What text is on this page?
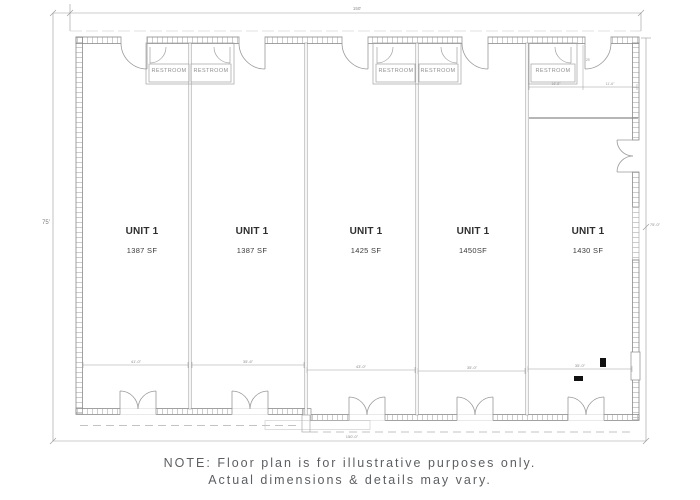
150'
75'
150'-0"
75'-0"
16'-8"	11'-6"
25'
RESTROOM RESTROOM	RESTROOM RESTROOM	RESTROOM
UNIT 1
1387 SF
UNIT 1
1387 SF
UNIT 1
1425 SF
UNIT 1
1450SF
UNIT 1
1430 SF
41'-0"	35'-6"
43'-0"	35'-0"	35'-0"
NOTE: Floor plan is for illustrative purposes only.
Actual dimensions & details may vary.
